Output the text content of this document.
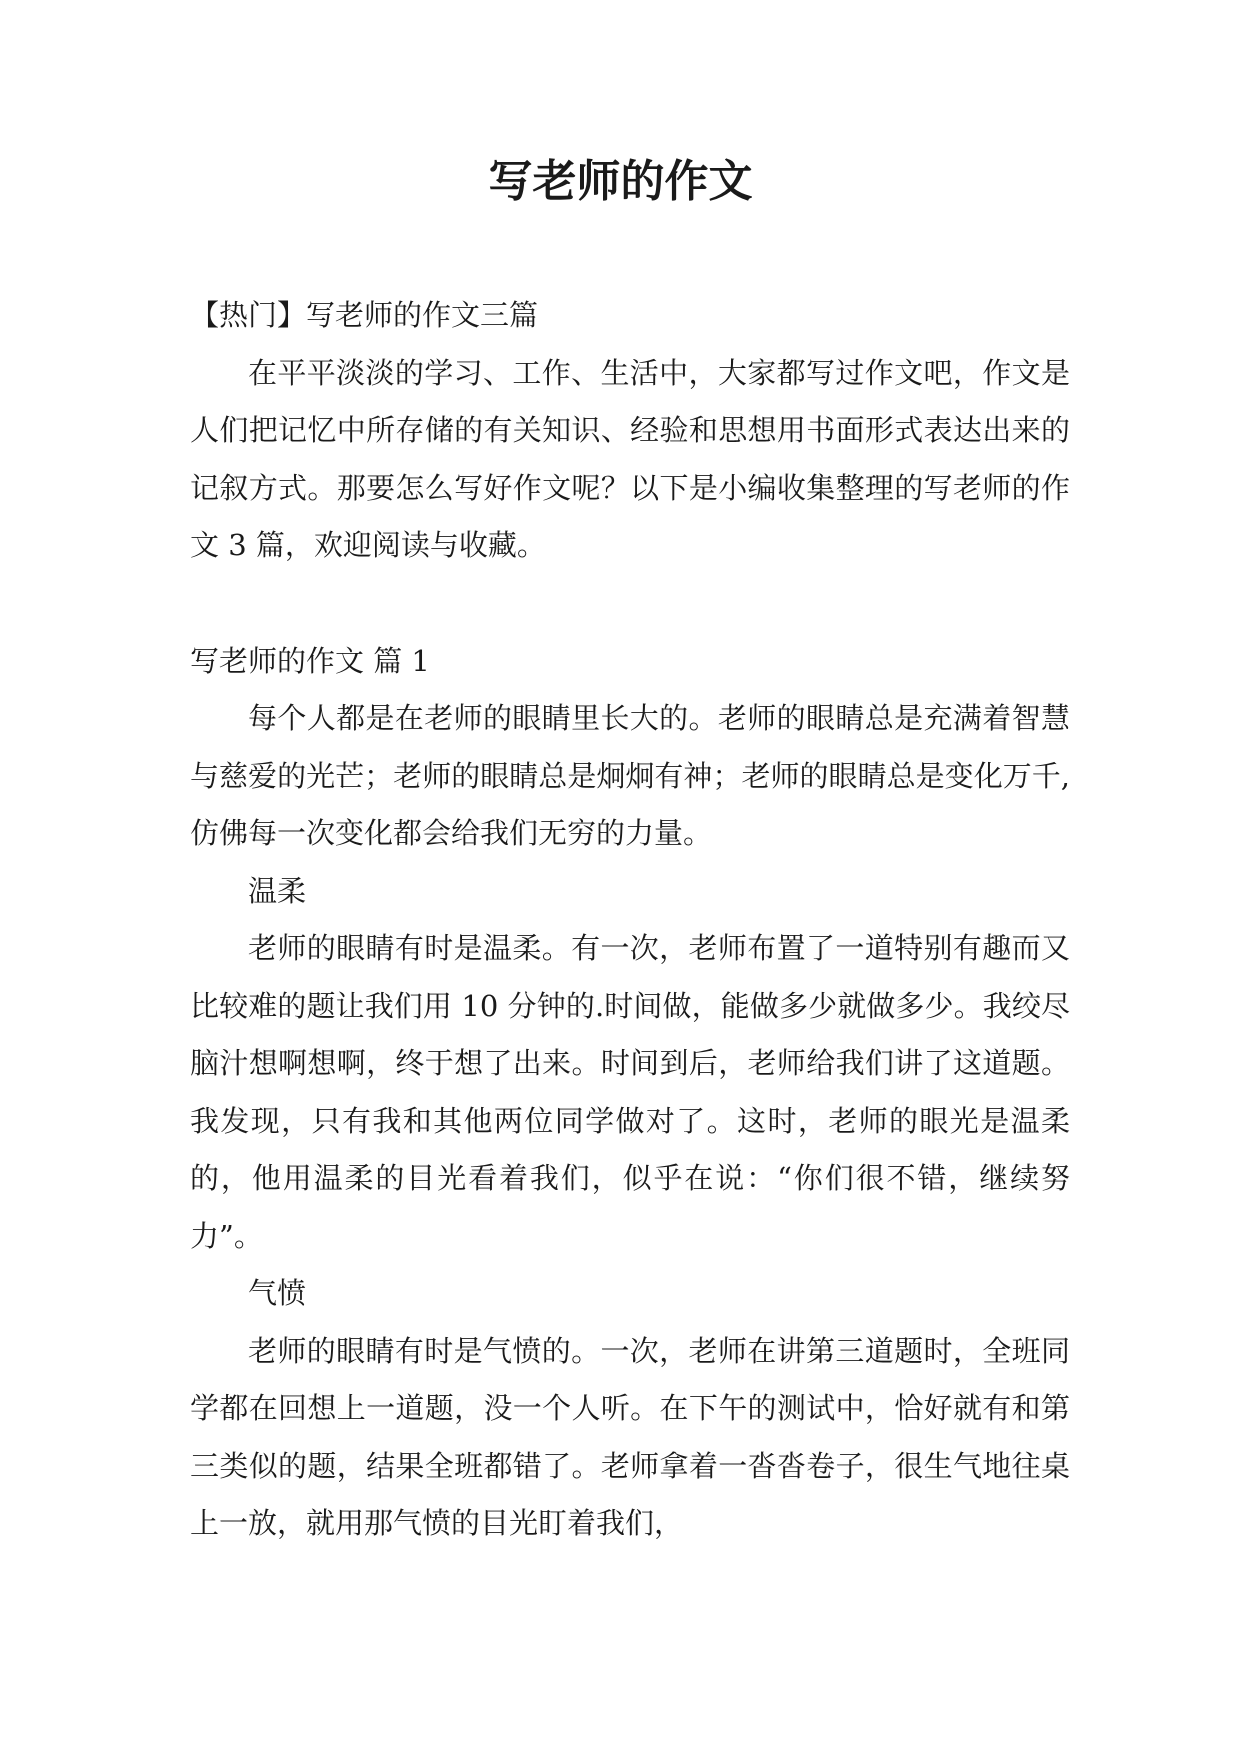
写老师的作文

【热门】写老师的作文三篇

在平平淡淡的学习、工作、生活中，大家都写过作文吧，作文是人们把记忆中所存储的有关知识、经验和思想用书面形式表达出来的记叙方式。那要怎么写好作文呢？以下是小编收集整理的写老师的作文 3 篇，欢迎阅读与收藏。

写老师的作文 篇 1

每个人都是在老师的眼睛里长大的。老师的眼睛总是充满着智慧与慈爱的光芒；老师的眼睛总是炯炯有神；老师的眼睛总是变化万千,仿佛每一次变化都会给我们无穷的力量。

温柔

老师的眼睛有时是温柔。有一次，老师布置了一道特别有趣而又比较难的题让我们用 10 分钟的.时间做，能做多少就做多少。我绞尽脑汁想啊想啊，终于想了出来。时间到后，老师给我们讲了这道题。我发现，只有我和其他两位同学做对了。这时，老师的眼光是温柔的，他用温柔的目光看着我们，似乎在说：“你们很不错，继续努力”。

气愤

老师的眼睛有时是气愤的。一次，老师在讲第三道题时，全班同学都在回想上一道题，没一个人听。在下午的测试中，恰好就有和第三类似的题，结果全班都错了。老师拿着一沓沓卷子，很生气地往桌上一放，就用那气愤的目光盯着我们，
